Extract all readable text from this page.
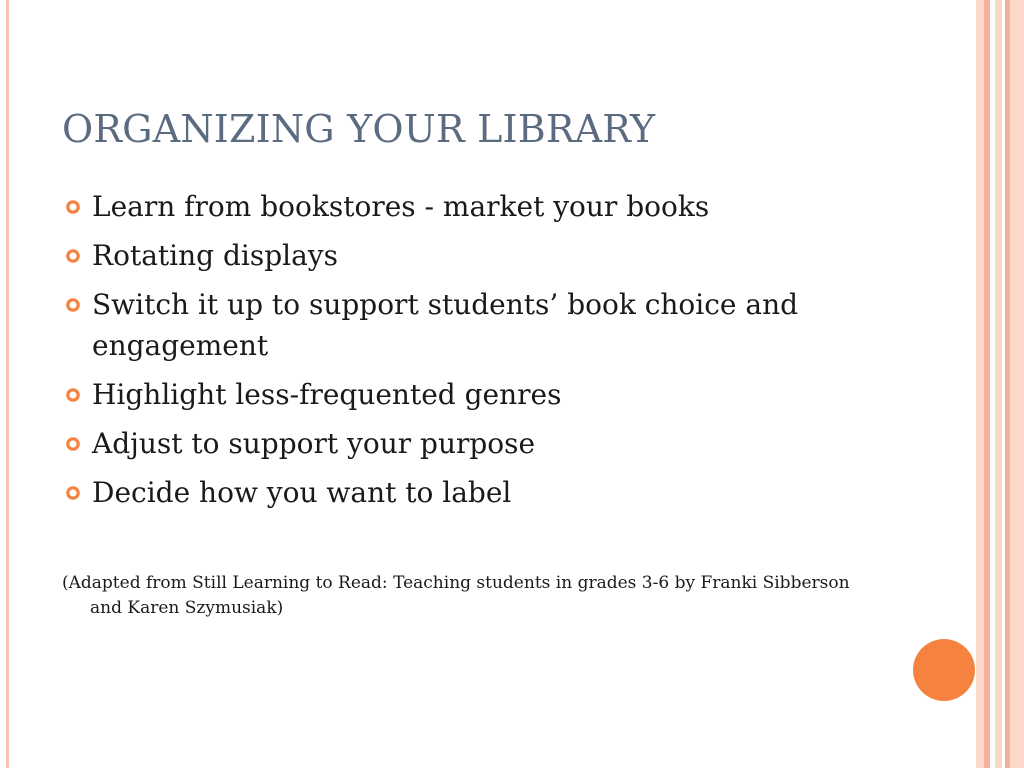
ORGANIZING YOUR LIBRARY
Learn from bookstores - market your books
Rotating displays
Switch it up to support students’ book choice and engagement
Highlight less-frequented genres
Adjust to support your purpose
Decide how you want to label

(Adapted from Still Learning to Read: Teaching students in grades 3-6 by Franki Sibberson and Karen Szymusiak)
